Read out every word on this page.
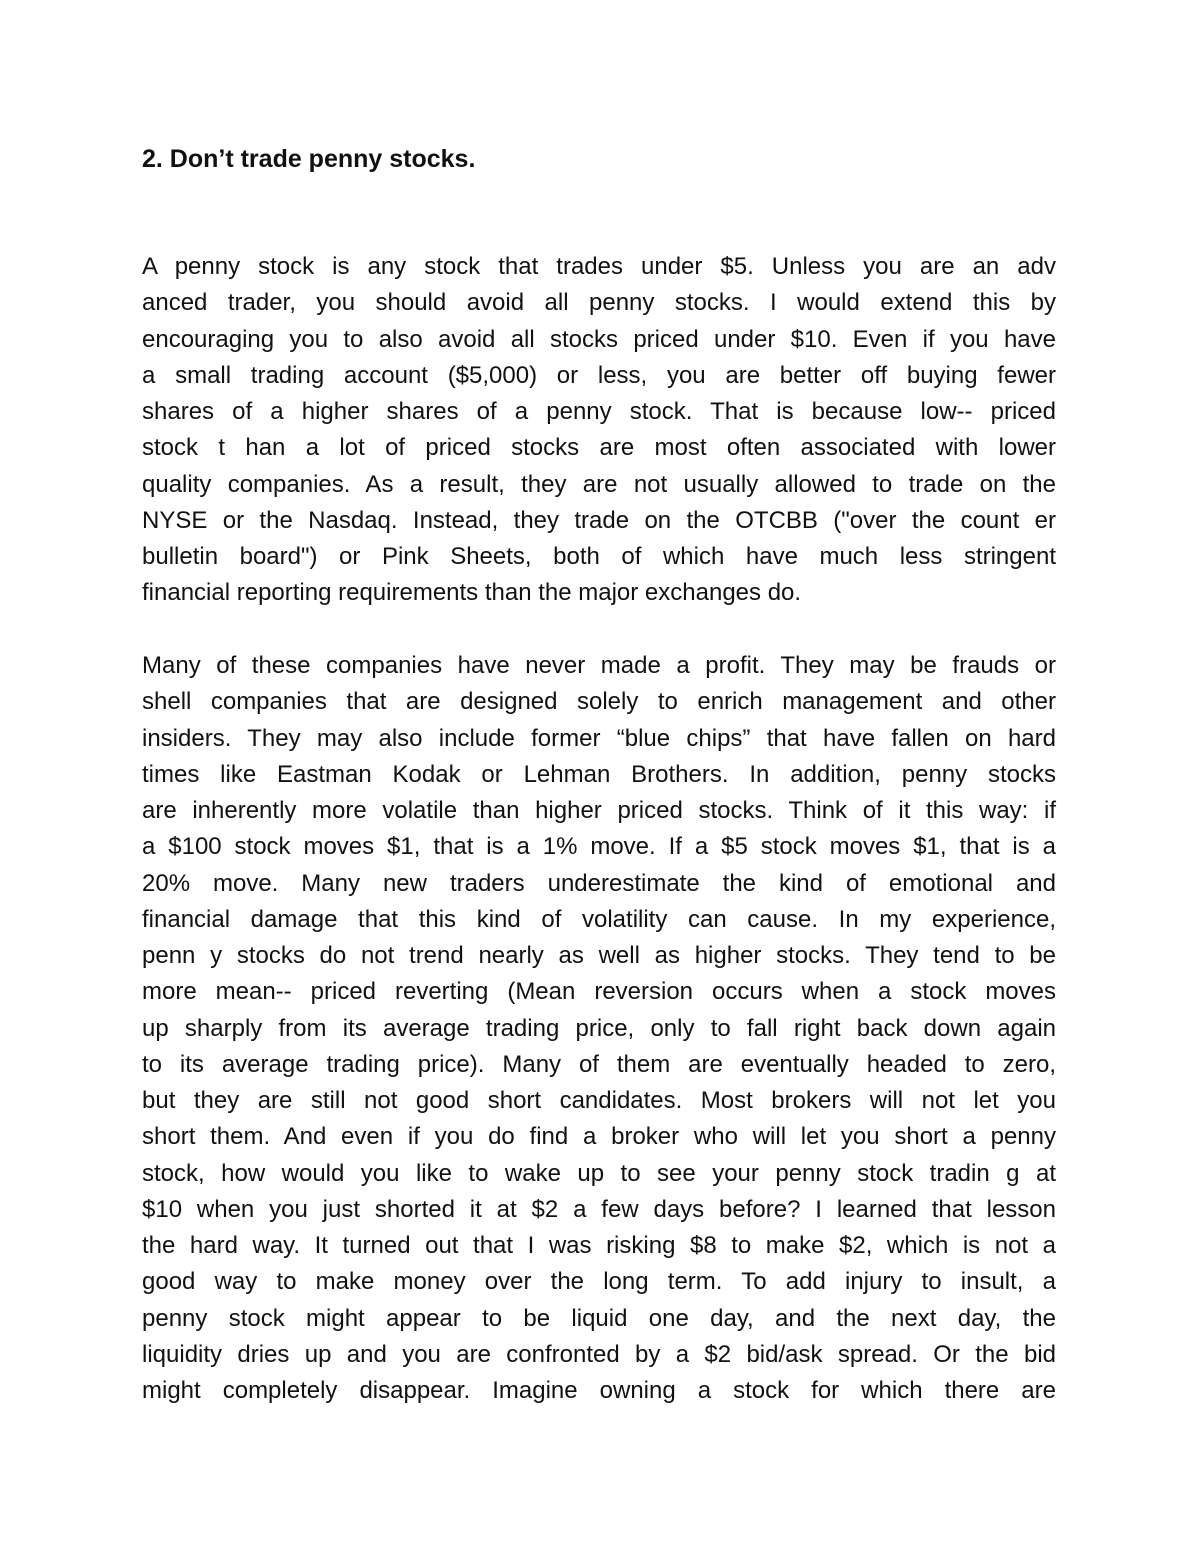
2. Don’t trade penny stocks.

A penny stock is any stock that trades under $5. Unless you are an adv
anced trader, you should avoid all penny stocks. I would extend this by
encouraging you to also avoid all stocks priced under $10. Even if you have
a small trading account ($5,000) or less, you are better off buying fewer
shares of a higher shares of a penny stock. That is because low-- priced
stock t han a lot of priced stocks are most often associated with lower
quality companies. As a result, they are not usually allowed to trade on the
NYSE or the Nasdaq. Instead, they trade on the OTCBB ("over the count er
bulletin board") or Pink Sheets, both of which have much less stringent
financial reporting requirements than the major exchanges do.

Many of these companies have never made a profit. They may be frauds or
shell companies that are designed solely to enrich management and other
insiders. They may also include former “blue chips” that have fallen on hard
times like Eastman Kodak or Lehman Brothers. In addition, penny stocks
are inherently more volatile than higher priced stocks. Think of it this way: if
a $100 stock moves $1, that is a 1% move. If a $5 stock moves $1, that is a
20% move. Many new traders underestimate the kind of emotional and
financial damage that this kind of volatility can cause. In my experience,
penn y stocks do not trend nearly as well as higher stocks. They tend to be
more mean-- priced reverting (Mean reversion occurs when a stock moves
up sharply from its average trading price, only to fall right back down again
to its average trading price). Many of them are eventually headed to zero,
but they are still not good short candidates. Most brokers will not let you
short them. And even if you do find a broker who will let you short a penny
stock, how would you like to wake up to see your penny stock tradin g at
$10 when you just shorted it at $2 a few days before? I learned that lesson
the hard way. It turned out that I was risking $8 to make $2, which is not a
good way to make money over the long term. To add injury to insult, a
penny stock might appear to be liquid one day, and the next day, the
liquidity dries up and you are confronted by a $2 bid/ask spread. Or the bid
might completely disappear. Imagine owning a stock for which there are
